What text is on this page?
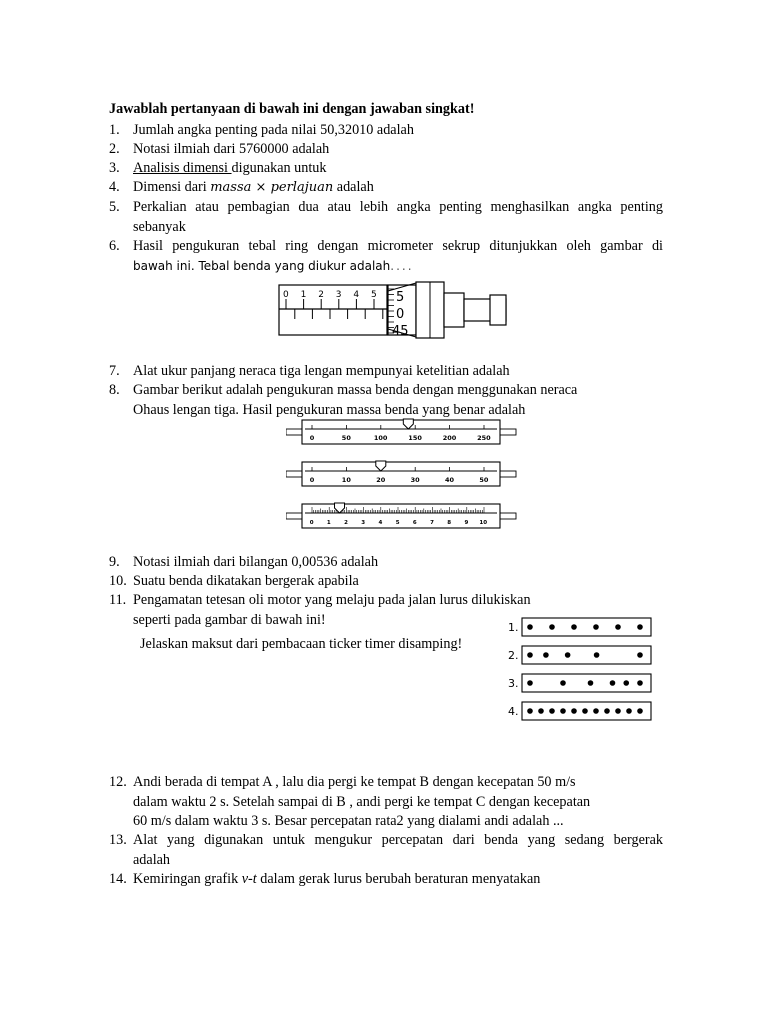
Jawablah pertanyaan di bawah ini dengan jawaban singkat!
1. Jumlah angka penting pada nilai 50,32010 adalah
2. Notasi ilmiah dari 5760000 adalah
3. Analisis dimensi digunakan untuk
4. Dimensi dari massa × perlajuan adalah
5. Perkalian atau pembagian dua atau lebih angka penting menghasilkan angka penting
sebanyak
6. Hasil pengukuran tebal ring dengan micrometer sekrup ditunjukkan oleh gambar di
bawah ini. Tebal benda yang diukur adalah....
0 1 2 3 4 5 5
0
45
7. Alat ukur panjang neraca tiga lengan mempunyai ketelitian adalah
8. Gambar berikut adalah pengukuran massa benda dengan menggunakan neraca
Ohaus lengan tiga. Hasil pengukuran massa benda yang benar adalah
0	50	100	150	200	250
0	10	20	30	40	50
0 1 2 3 4 5 6 7 8 9 10
9. Notasi ilmiah dari bilangan 0,00536 adalah
10. Suatu benda dikatakan bergerak apabila
11. Pengamatan tetesan oli motor yang melaju pada jalan lurus dilukiskan
seperti pada gambar di bawah ini!
Jelaskan maksut dari pembacaan ticker timer disamping!
1.
2.
3.
4.
12. Andi berada di tempat A , lalu dia pergi ke tempat B dengan kecepatan 50 m/s
dalam waktu 2 s. Setelah sampai di B , andi pergi ke tempat C dengan kecepatan
60 m/s dalam waktu 3 s. Besar percepatan rata2 yang dialami andi adalah ...
13. Alat yang digunakan untuk mengukur percepatan dari benda yang sedang bergerak
adalah
14. Kemiringan grafik v-t dalam gerak lurus berubah beraturan menyatakan
